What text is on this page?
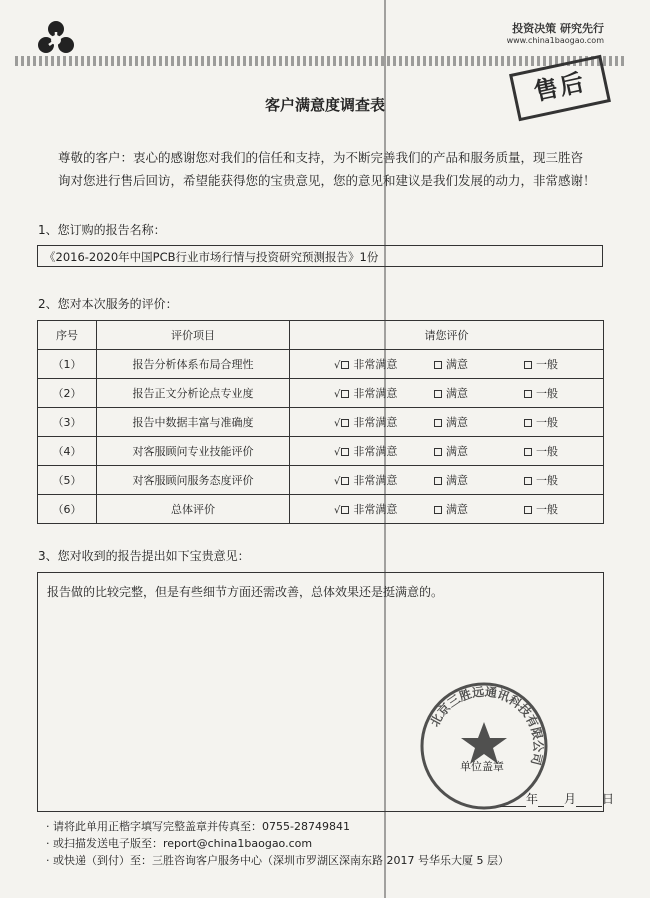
投资决策 研究先行
www.china1baogao.com
售后
客户满意度调查表
尊敬的客户：衷心的感谢您对我们的信任和支持，为不断完善我们的产品和服务质量，现三胜咨
询对您进行售后回访，希望能获得您的宝贵意见，您的意见和建议是我们发展的动力，非常感谢！
1、您订购的报告名称：
《2016-2020年中国PCB行业市场行情与投资研究预测报告》1份
2、您对本次服务的评价：
序号	评价项目	请您评价
（1）	报告分析体系布局合理性	√ 非常满意 满意 一般

（2）	报告正文分析论点专业度	√ 非常满意 满意 一般

（3）	报告中数据丰富与准确度	√ 非常满意 满意 一般

（4）	对客服顾问专业技能评价	√ 非常满意 满意 一般

（5）	对客服顾问服务态度评价	√ 非常满意 满意 一般

（6）	总体评价	√ 非常满意 满意 一般
3、您对收到的报告提出如下宝贵意见：
报告做的比较完整，但是有些细节方面还需改善，总体效果还是挺满意的。
北京三胜远通讯科技有限公司
单位盖章
年 月 日
· 请将此单用正楷字填写完整盖章并传真至：0755-28749841
· 或扫描发送电子版至：report@china1baogao.com
· 或快递（到付）至：三胜咨询客户服务中心（深圳市罗湖区深南东路 2017 号华乐大厦 5 层）
